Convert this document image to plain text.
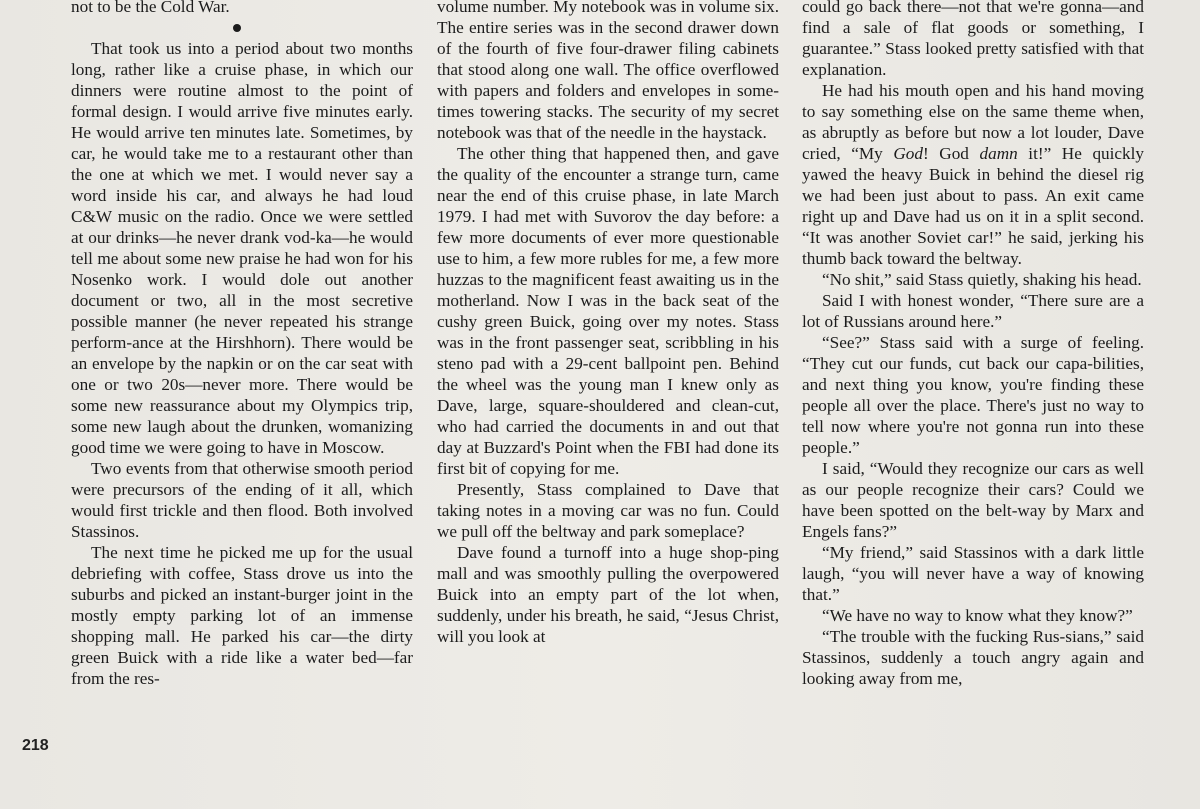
218

not to be the Cold War.

That took us into a period about two months long, rather like a cruise phase, in which our dinners were routine almost to the point of formal design. I would arrive five minutes early. He would arrive ten minutes late. Sometimes, by car, he would take me to a restaurant other than the one at which we met. I would never say a word inside his car, and always he had loud C&W music on the radio. Once we were settled at our drinks—he never drank vod-ka—he would tell me about some new praise he had won for his Nosenko work. I would dole out another document or two, all in the most secretive possible manner (he never repeated his strange perform-ance at the Hirshhorn). There would be an envelope by the napkin or on the car seat with one or two 20s—never more. There would be some new reassurance about my Olympics trip, some new laugh about the drunken, womanizing good time we were going to have in Moscow.

Two events from that otherwise smooth period were precursors of the ending of it all, which would first trickle and then flood. Both involved Stassinos.

The next time he picked me up for the usual debriefing with coffee, Stass drove us into the suburbs and picked an instant-burger joint in the mostly empty parking lot of an immense shopping mall. He parked his car—the dirty green Buick with a ride like a water bed—far from the res-

volume number. My notebook was in volume six. The entire series was in the second drawer down of the fourth of five four-drawer filing cabinets that stood along one wall. The office overflowed with papers and folders and envelopes in some-times towering stacks. The security of my secret notebook was that of the needle in the haystack.

The other thing that happened then, and gave the quality of the encounter a strange turn, came near the end of this cruise phase, in late March 1979. I had met with Suvorov the day before: a few more documents of ever more questionable use to him, a few more rubles for me, a few more huzzas to the magnificent feast awaiting us in the motherland. Now I was in the back seat of the cushy green Buick, going over my notes. Stass was in the front passenger seat, scribbling in his steno pad with a 29-cent ballpoint pen. Behind the wheel was the young man I knew only as Dave, large, square-shouldered and clean-cut, who had carried the documents in and out that day at Buzzard's Point when the FBI had done its first bit of copying for me.

Presently, Stass complained to Dave that taking notes in a moving car was no fun. Could we pull off the beltway and park someplace?

Dave found a turnoff into a huge shop-ping mall and was smoothly pulling the overpowered Buick into an empty part of the lot when, suddenly, under his breath, he said, “Jesus Christ, will you look at

could go back there—not that we're gonna—and find a sale of flat goods or something, I guarantee.” Stass looked pretty satisfied with that explanation.

He had his mouth open and his hand moving to say something else on the same theme when, as abruptly as before but now a lot louder, Dave cried, “My God! God damn it!” He quickly yawed the heavy Buick in behind the diesel rig we had been just about to pass. An exit came right up and Dave had us on it in a split second. “It was another Soviet car!” he said, jerking his thumb back toward the beltway.

“No shit,” said Stass quietly, shaking his head.

Said I with honest wonder, “There sure are a lot of Russians around here.”

“See?” Stass said with a surge of feeling. “They cut our funds, cut back our capa-bilities, and next thing you know, you're finding these people all over the place. There's just no way to tell now where you're not gonna run into these people.”

I said, “Would they recognize our cars as well as our people recognize their cars? Could we have been spotted on the belt-way by Marx and Engels fans?”

“My friend,” said Stassinos with a dark little laugh, “you will never have a way of knowing that.”

“We have no way to know what they know?”

“The trouble with the fucking Rus-sians,” said Stassinos, suddenly a touch angry again and looking away from me,
